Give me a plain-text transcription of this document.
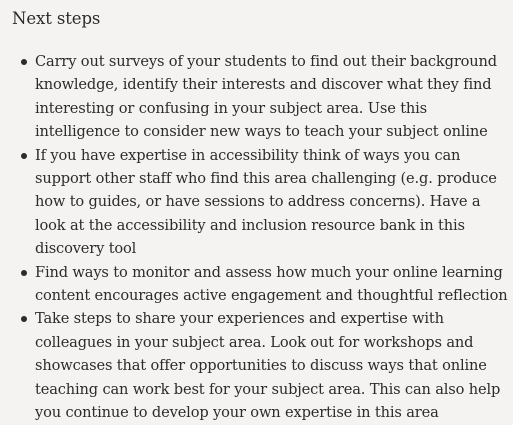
Next steps
Carry out surveys of your students to find out their background knowledge, identify their interests and discover what they find interesting or confusing in your subject area. Use this intelligence to consider new ways to teach your subject online
If you have expertise in accessibility think of ways you can support other staff who find this area challenging (e.g. produce how to guides, or have sessions to address concerns). Have a look at the accessibility and inclusion resource bank in this discovery tool
Find ways to monitor and assess how much your online learning content encourages active engagement and thoughtful reflection
Take steps to share your experiences and expertise with colleagues in your subject area. Look out for workshops and showcases that offer opportunities to discuss ways that online teaching can work best for your subject area. This can also help you continue to develop your own expertise in this area
